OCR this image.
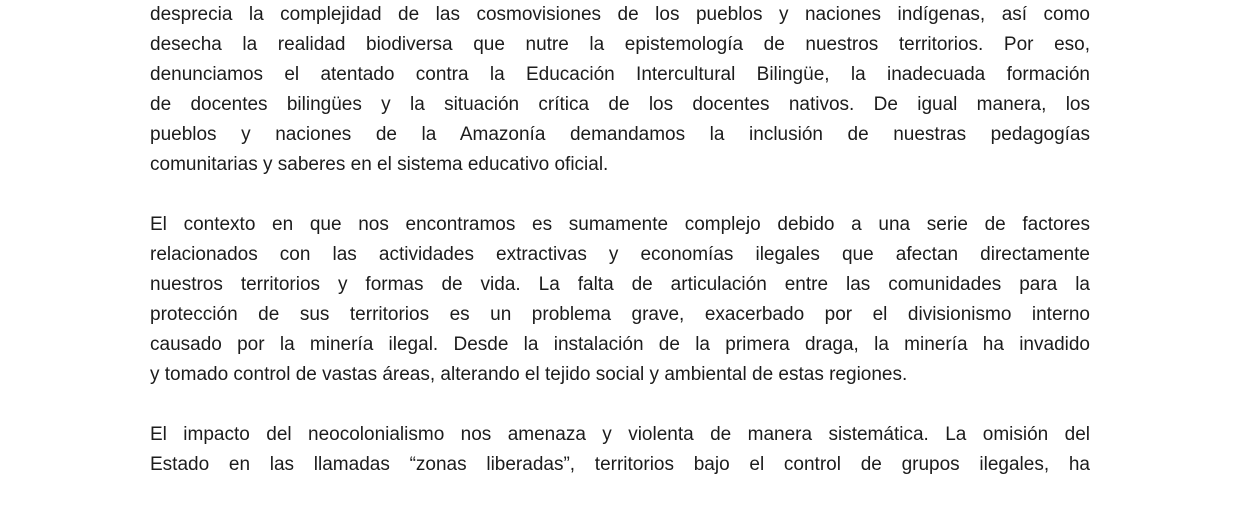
desprecia la complejidad de las cosmovisiones de los pueblos y naciones indígenas, así como
desecha la realidad biodiversa que nutre la epistemología de nuestros territorios. Por eso,
denunciamos el atentado contra la Educación Intercultural Bilingüe, la inadecuada formación
de docentes bilingües y la situación crítica de los docentes nativos. De igual manera, los
pueblos y naciones de la Amazonía demandamos la inclusión de nuestras pedagogías
comunitarias y saberes en el sistema educativo oficial.
El contexto en que nos encontramos es sumamente complejo debido a una serie de factores
relacionados con las actividades extractivas y economías ilegales que afectan directamente
nuestros territorios y formas de vida. La falta de articulación entre las comunidades para la
protección de sus territorios es un problema grave, exacerbado por el divisionismo interno
causado por la minería ilegal. Desde la instalación de la primera draga, la minería ha invadido
y tomado control de vastas áreas, alterando el tejido social y ambiental de estas regiones.
El impacto del neocolonialismo nos amenaza y violenta de manera sistemática. La omisión del
Estado en las llamadas “zonas liberadas”, territorios bajo el control de grupos ilegales, ha
